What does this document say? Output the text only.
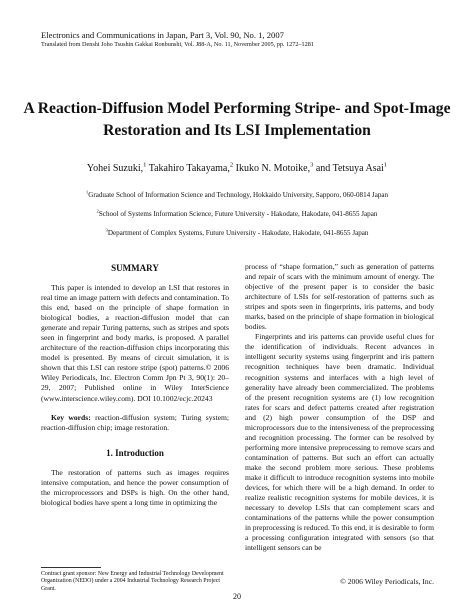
Electronics and Communications in Japan, Part 3, Vol. 90, No. 1, 2007
Translated from Denshi Joho Tsushin Gakkai Ronbunshi, Vol. J88-A, No. 11, November 2005, pp. 1272–1281
A Reaction-Diffusion Model Performing Stripe- and Spot-Image
Restoration and Its LSI Implementation
Yohei Suzuki,$^1$ Takahiro Takayama,$^2$ Ikuko N. Motoike,$^3$ and Tetsuya Asai$^1$
$^1$Graduate School of Information Science and Technology, Hokkaido University, Sapporo, 060-0814 Japan
$^2$School of Systems Information Science, Future University - Hakodate, Hakodate, 041-8655 Japan
$^3$Department of Complex Systems, Future University - Hakodate, Hakodate, 041-8655 Japan

SUMMARY

This paper is intended to develop an LSI that restores in real time an image pattern with defects and contamination. To this end, based on the principle of shape formation in biological bodies, a reaction-diffusion model that can generate and repair Turing patterns, such as stripes and spots seen in fingerprint and body marks, is proposed. A parallel architecture of the reaction-diffusion chips incorporating this model is presented. By means of circuit simulation, it is shown that this LSI can restore stripe (spot) patterns.© 2006 Wiley Periodicals, Inc. Electron Comm Jpn Pt 3, 90(1): 20–29, 2007; Published online in Wiley InterScience (www.interscience.wiley.com). DOI 10.1002/ecjc.20243

Key words: reaction-diffusion system; Turing system; reaction-diffusion chip; image restoration.

1. Introduction

The restoration of patterns such as images requires intensive computation, and hence the power consumption of the microprocessors and DSPs is high. On the other hand, biological bodies have spent a long time in optimizing the

process of “shape formation,” such as generation of patterns and repair of scars with the minimum amount of energy. The objective of the present paper is to consider the basic architecture of LSIs for self-restoration of patterns such as stripes and spots seen in fingerprints, iris patterns, and body marks, based on the principle of shape formation in biological bodies.

Fingerprints and iris patterns can provide useful clues for the identification of individuals. Recent advances in intelligent security systems using fingerprint and iris pattern recognition techniques have been dramatic. Individual recognition systems and interfaces with a high level of generality have already been commercialized. The problems of the present recognition systems are (1) low recognition rates for scars and defect patterns created after registration and (2) high power consumption of the DSP and microprocessors due to the intensiveness of the preprocessing and recognition processing. The former can be resolved by performing more intensive preprocessing to remove scars and contamination of patterns. But such an effort can actually make the second problem more serious. These problems make it difficult to introduce recognition systems into mobile devices, for which there will be a high demand. In order to realize realistic recognition systems for mobile devices, it is necessary to develop LSIs that can complement scars and contaminations of the patterns while the power consumption in preprocessing is reduced. To this end, it is desirable to form a processing configuration integrated with sensors (so that intelligent sensors can be

Contract grant sponsor: New Energy and Industrial Technology Development Organization (NEDO) under a 2004 Industrial Technology Research Project Grant.
© 2006 Wiley Periodicals, Inc.
20
